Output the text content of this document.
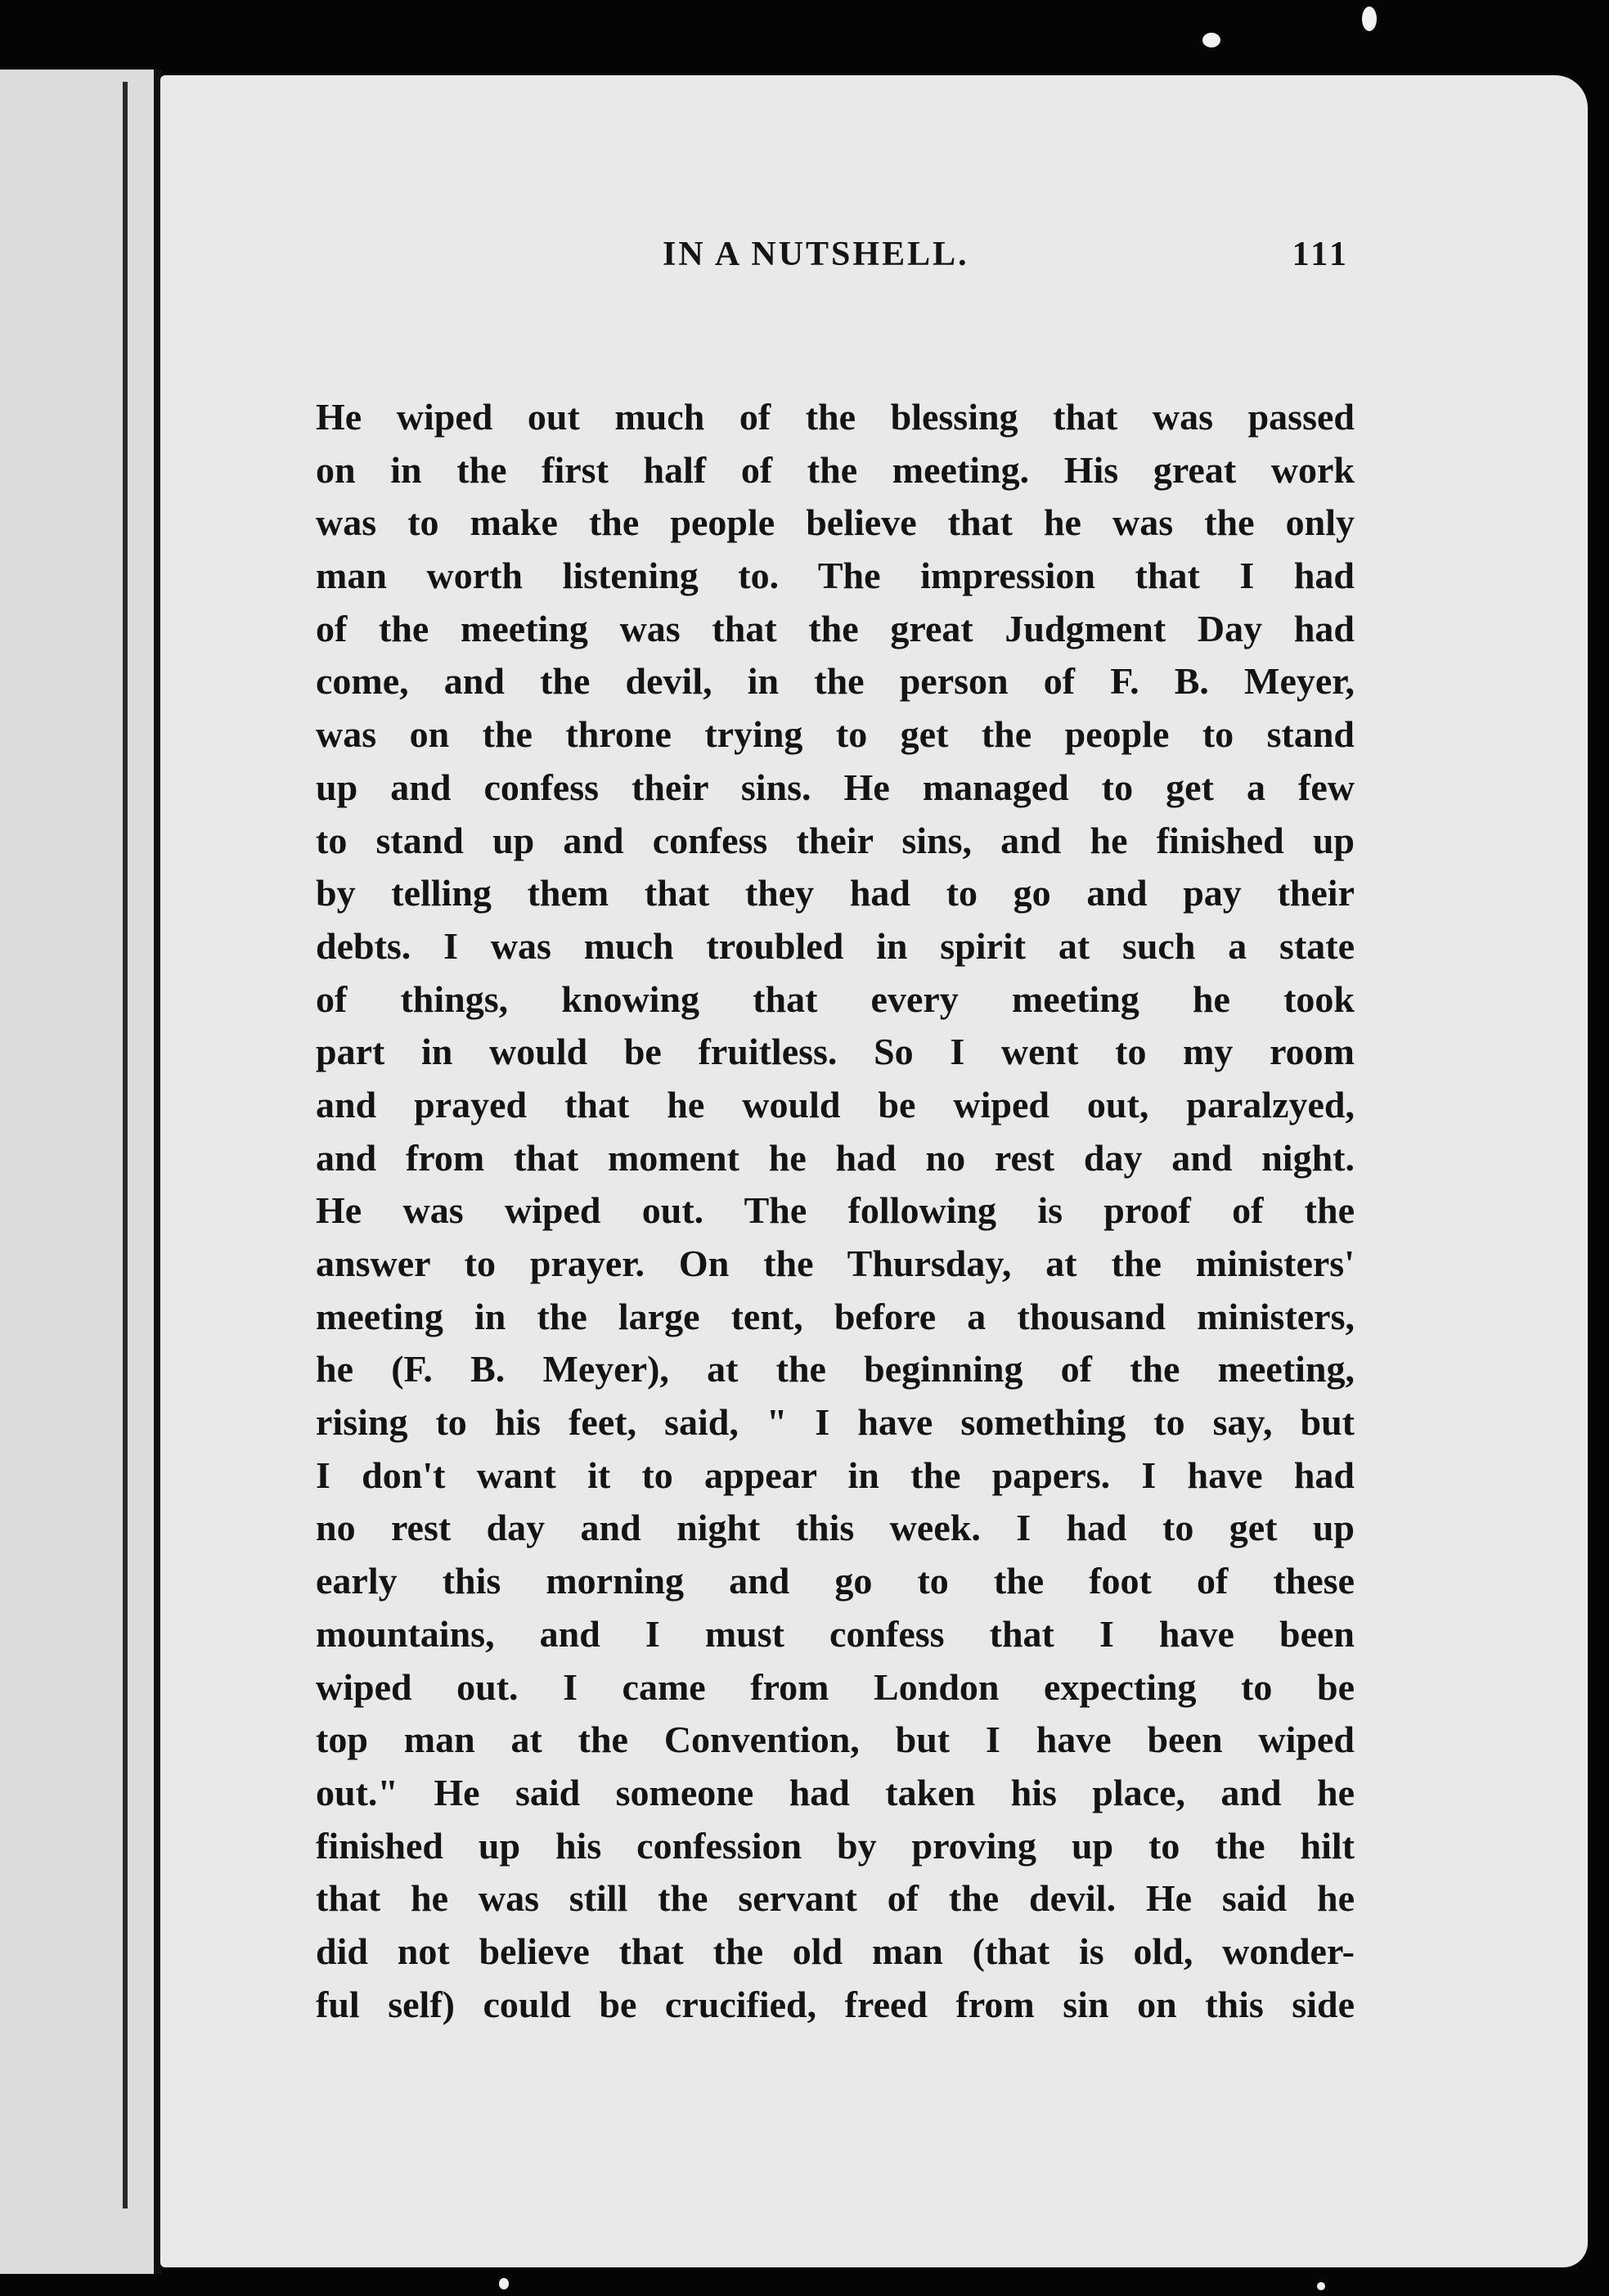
IN A NUTSHELL.	111
He wiped out much of the blessing that was passed
on in the first half of the meeting. His great work
was to make the people believe that he was the only
man worth listening to. The impression that I had
of the meeting was that the great Judgment Day had
come, and the devil, in the person of F. B. Meyer,
was on the throne trying to get the people to stand
up and confess their sins. He managed to get a few
to stand up and confess their sins, and he finished up
by telling them that they had to go and pay their
debts. I was much troubled in spirit at such a state
of things, knowing that every meeting he took
part in would be fruitless. So I went to my room
and prayed that he would be wiped out, paralzyed,
and from that moment he had no rest day and night.
He was wiped out. The following is proof of the
answer to prayer. On the Thursday, at the ministers'
meeting in the large tent, before a thousand ministers,
he (F. B. Meyer), at the beginning of the meeting,
rising to his feet, said, " I have something to say, but
I don't want it to appear in the papers. I have had
no rest day and night this week. I had to get up
early this morning and go to the foot of these
mountains, and I must confess that I have been
wiped out. I came from London expecting to be
top man at the Convention, but I have been wiped
out." He said someone had taken his place, and he
finished up his confession by proving up to the hilt
that he was still the servant of the devil. He said he
did not believe that the old man (that is old, wonder-
ful self) could be crucified, freed from sin on this side
